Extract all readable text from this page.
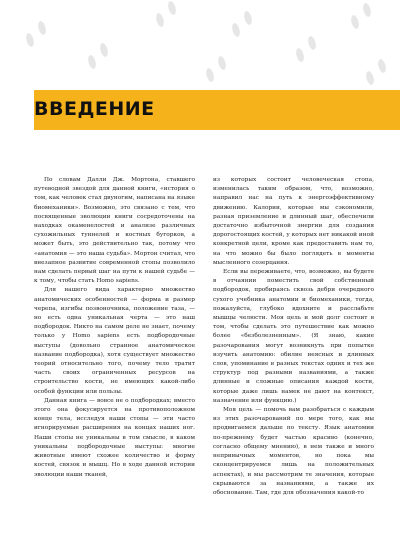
ВВЕДЕНИЕ

По словам Далли Дж. Мортона, ставшего путеводной звездой для данной книги, «история о том, как человек стал двуногим, написана на языке биомеханики». Возможно, это связано с тем, что посвященные эволюции книги сосредоточены на находках окаменелостей и анализе различных сухожильных туннелей и костных бугорков, а может быть, это действительно так, потому что «анатомия — это наша судьба». Мортон считал, что внезапное развитие современной стопы позволило нам сделать первый шаг на пути к нашей судьбе — к тому, чтобы стать Homo sapiens.

Для нашего вида характерно множество анатомических особенностей — форма и размер черепа, изгибы позвоночника, положение таза, — но есть одна уникальная черта — это наш подбородок. Никто на самом деле не знает, почему только у Homo sapiens есть подбородочные выступы (довольно странное анатомическое название подбородка), хотя существует множество теорий относительно того, почему тело тратит часть своих ограниченных ресурсов на строительство кости, не имеющих какой-либо особой функции или пользы.

Данная книга — вовсе не о подбородках; вместо этого она фокусируется на противоположном конце тела, исследуя наши стопы — эти часто игнорируемые расширения на концах наших ног. Наши стопы не уникальны в том смысле, в каком уникальны подбородочные выступы: многие животные имеют схожее количество и форму костей, связок и мышц. Но в ходе данной истории эволюции наши тканей,

из которых состоит человеческая стопа, изменилась таким образом, что, возможно, направил нас на путь к энергоэффективному движению. Калории, которые мы сэкономили, разная приземление и длинный шаг, обеспечили достаточно избыточной энергии для создания дорогостоящих костей, у которых нет никакой иной конкретной цели, кроме как предоставить нам то, на что можно бы было поглядеть в моменты мысленного созерцания.

Если вы переживаете, что, возможно, вы будете в отчаянии поместить свой собственный подбородок, пробираясь сквозь дебри очередного сухого учебника анатомии и биомеханики, тогда, пожалуйста, глубоко вдохните и расслабьте мышцы челюсти. Моя цель и мой долг состоит в том, чтобы сделать это путешествие как можно более «безболезненным». (Я знаю, какие разочарования могут возникнуть при попытке изучить анатомию: обилие неясных и длинных слов, упоминание в разных текстах одних и тех же структур под разными названиями, а также длинные и сложные описания каждой кости, которые даже лишь намек не дают на контекст, назначение или функцию.)

Моя цель — помочь вам разобраться с каждым из этих разочарований по мере того, как мы продвигаемся дальше по тексту. Язык анатомии по-прежнему будет частью красиво (конечно, согласно общему мнению), в нем также и много непривычных моментов, но пока мы сконцентрируемся лишь на положительных аспектах), и мы рассмотрим те значения, которые скрываются за названиями, а также их обоснование. Там, где для обозначения какой-то
